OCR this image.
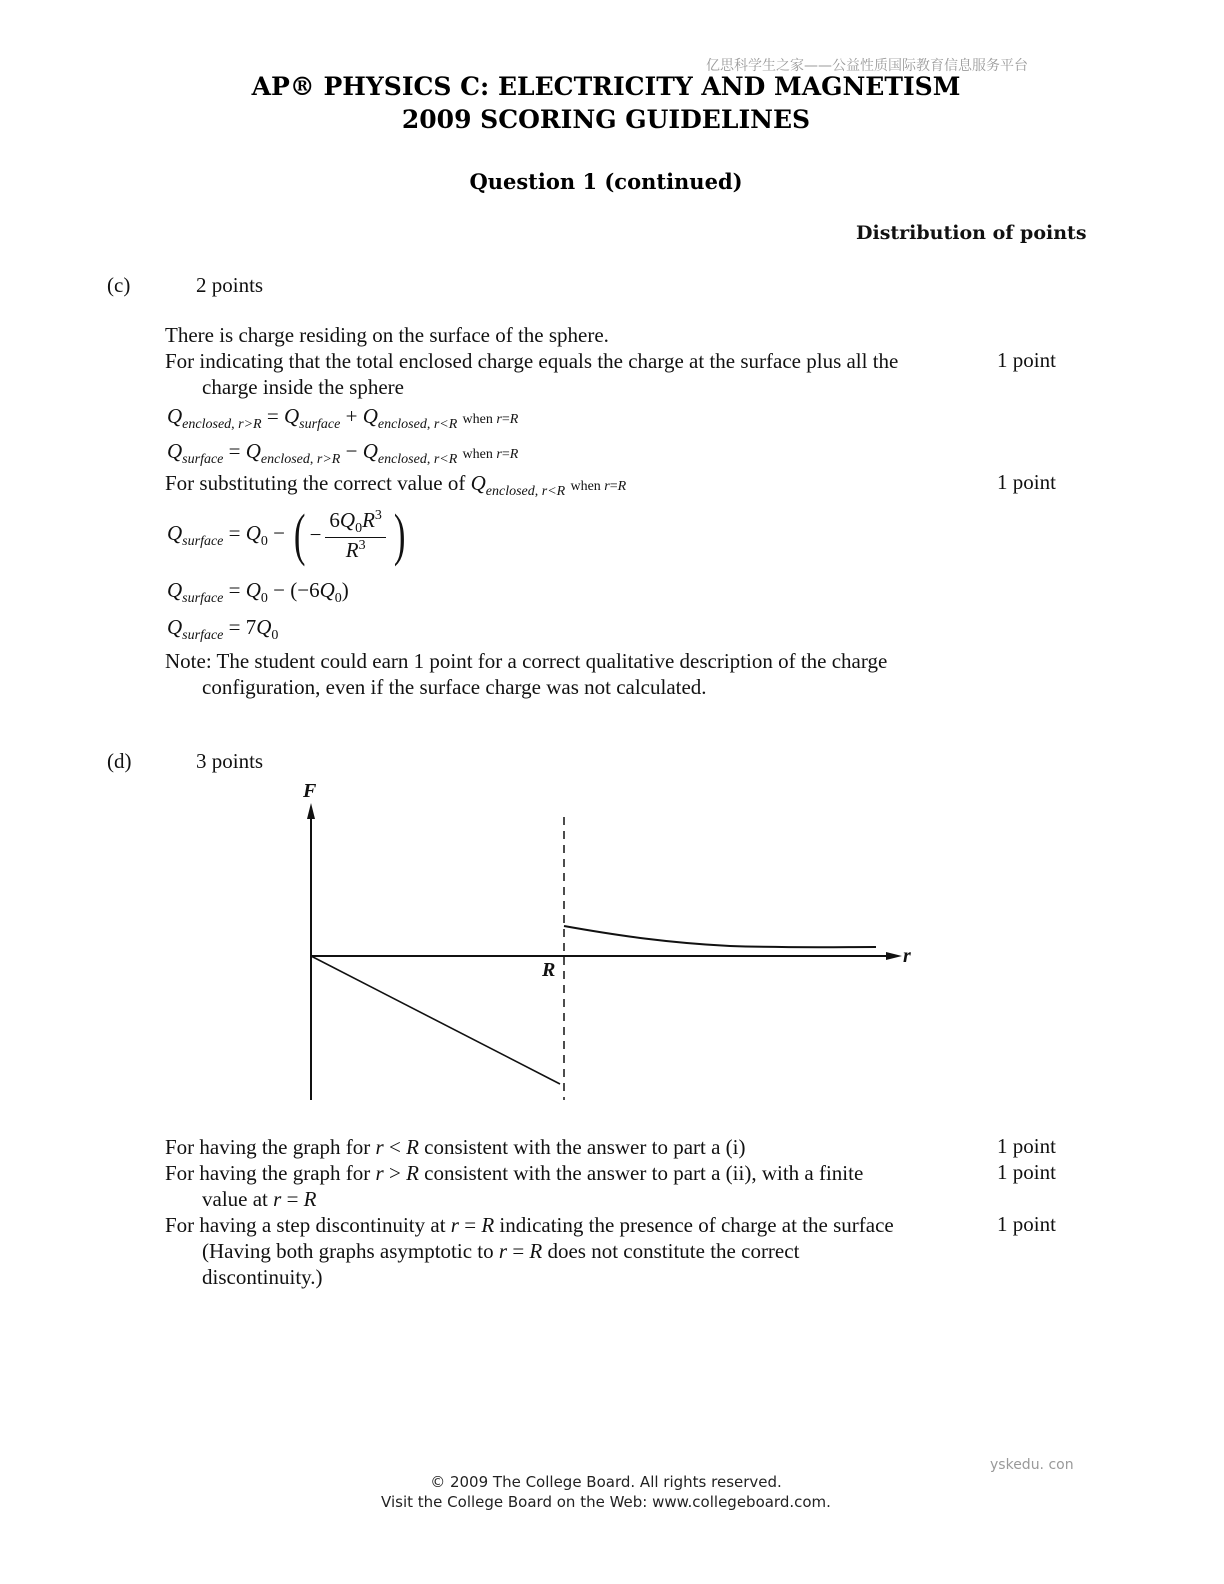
亿思科学生之家——公益性质国际教育信息服务平台
yskedu. con
AP® PHYSICS C: ELECTRICITY AND MAGNETISM
2009 SCORING GUIDELINES
Question 1 (continued)
Distribution of points
(c)	2 points
There is charge residing on the surface of the sphere.
For indicating that the total enclosed charge equals the charge at the surface plus all the
charge inside the sphere
1 point
$Q_{enclosed, r>R} = Q_{surface} + Q_{enclosed, r<R}$ when r=R
$Q_{surface} = Q_{enclosed, r>R} - Q_{enclosed, r<R}$ when r=R
For substituting the correct value of $Q_{enclosed, r<R}$ when r=R	1 point
$Q_{surface} = Q_0$ − ( − $\frac{6Q_0R^3}{R^3}$ )
$Q_{surface} = Q_0 - (-6Q_0)$
$Q_{surface} = 7Q_0$
Note: The student could earn 1 point for a correct qualitative description of the charge
configuration, even if the surface charge was not calculated.
(d)	3 points
F
r
R
For having the graph for r < R consistent with the answer to part a (i)	1 point
For having the graph for r > R consistent with the answer to part a (ii), with a finite
value at r = R
1 point
For having a step discontinuity at r = R indicating the presence of charge at the surface
(Having both graphs asymptotic to r = R does not constitute the correct
discontinuity.)
1 point
© 2009 The College Board. All rights reserved.
Visit the College Board on the Web: www.collegeboard.com.
